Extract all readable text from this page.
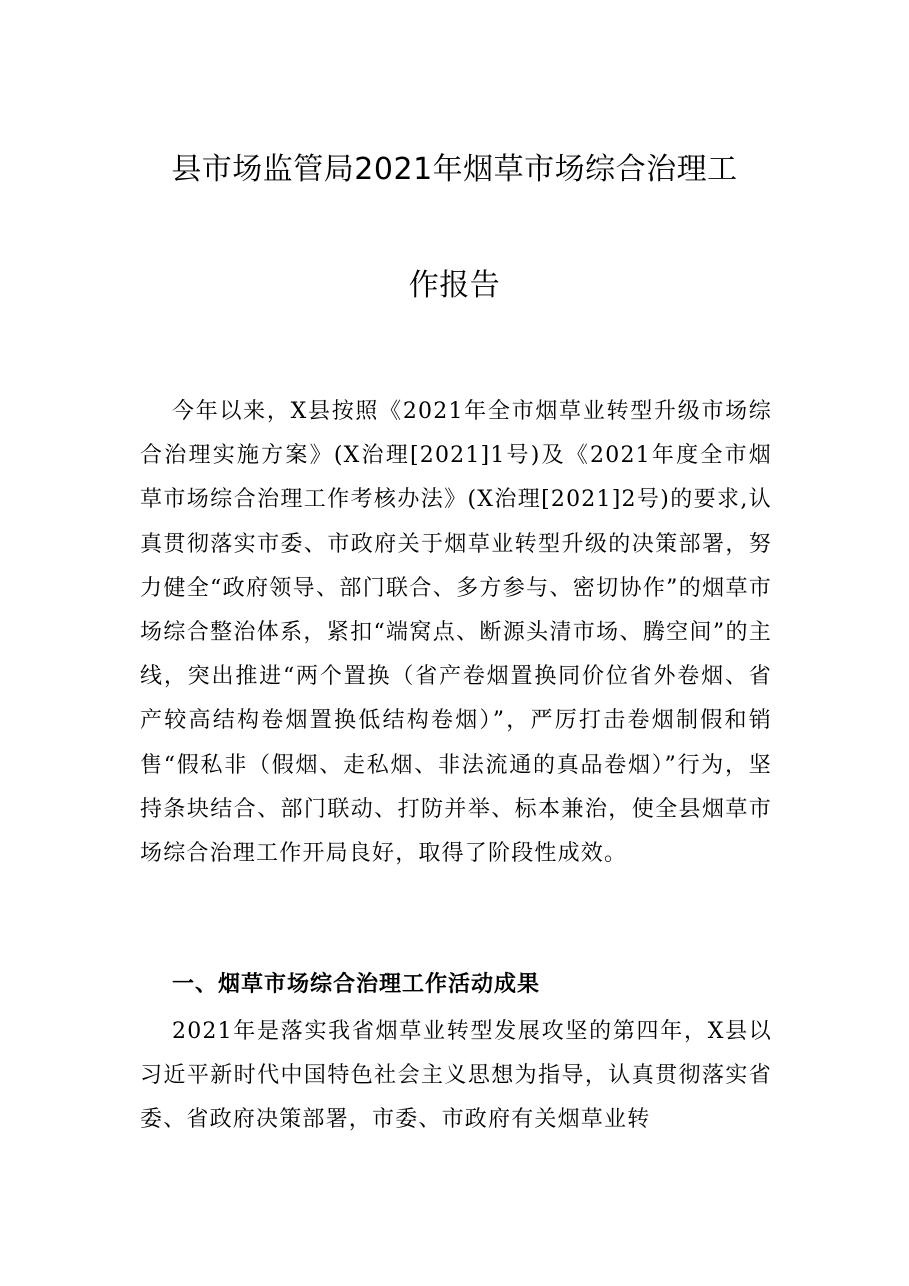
县市场监管局2021年烟草市场综合治理工
作报告

今年以来，X县按照《2021年全市烟草业转型升级市场综合治理实施方案》(X治理[2021]1号)及《2021年度全市烟草市场综合治理工作考核办法》(X治理[2021]2号)的要求,认真贯彻落实市委、市政府关于烟草业转型升级的决策部署，努力健全“政府领导、部门联合、多方参与、密切协作”的烟草市场综合整治体系，紧扣“端窝点、断源头清市场、腾空间”的主线，突出推进“两个置换（省产卷烟置换同价位省外卷烟、省产较高结构卷烟置换低结构卷烟）”，严厉打击卷烟制假和销售“假私非（假烟、走私烟、非法流通的真品卷烟）”行为，坚持条块结合、部门联动、打防并举、标本兼治，使全县烟草市场综合治理工作开局良好，取得了阶段性成效。

一、烟草市场综合治理工作活动成果

2021年是落实我省烟草业转型发展攻坚的第四年，X县以习近平新时代中国特色社会主义思想为指导，认真贯彻落实省委、省政府决策部署，市委、市政府有关烟草业转
